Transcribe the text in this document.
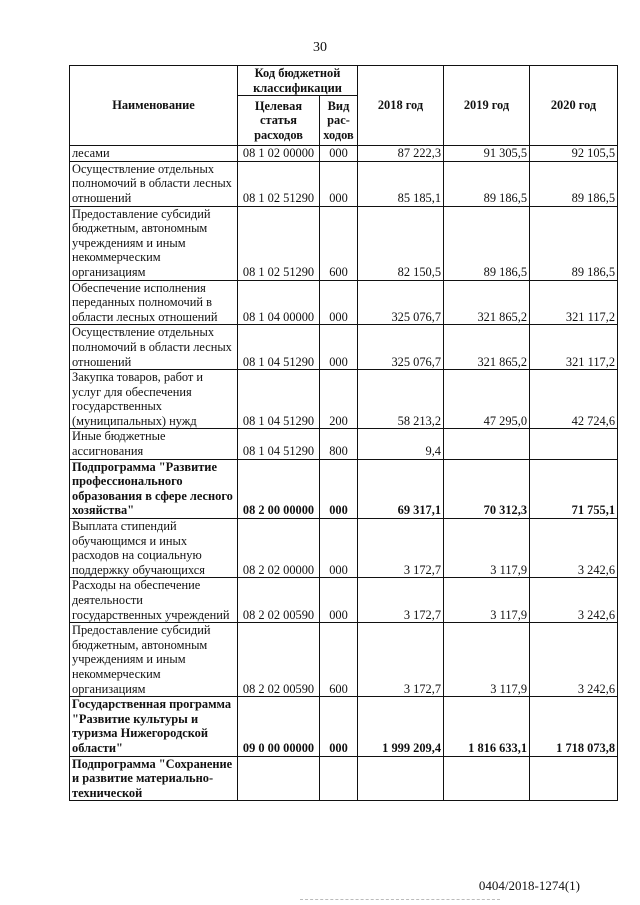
30
Наименование	Код бюджетной классификации		2018 год	2019 год	2020 год
	Целевая статья расходов	Вид рас-ходов			
лесами	08 1 02 00000	000	87 222,3	91 305,5	92 105,5
Осуществление отдельных полномочий в области лесных отношений	08 1 02 51290	000	85 185,1	89 186,5	89 186,5
Предоставление субсидий бюджетным, автономным учреждениям и иным некоммерческим организациям	08 1 02 51290	600	82 150,5	89 186,5	89 186,5
Обеспечение исполнения переданных полномочий в области лесных отношений	08 1 04 00000	000	325 076,7	321 865,2	321 117,2
Осуществление отдельных полномочий в области лесных отношений	08 1 04 51290	000	325 076,7	321 865,2	321 117,2
Закупка товаров, работ и услуг для обеспечения государственных (муниципальных) нужд	08 1 04 51290	200	58 213,2	47 295,0	42 724,6
Иные бюджетные ассигнования	08 1 04 51290	800	9,4		
Подпрограмма "Развитие профессионального образования в сфере лесного хозяйства"	08 2 00 00000	000	69 317,1	70 312,3	71 755,1
Выплата стипендий обучающимся и иных расходов на социальную поддержку обучающихся	08 2 02 00000	000	3 172,7	3 117,9	3 242,6
Расходы на обеспечение деятельности государственных учреждений	08 2 02 00590	000	3 172,7	3 117,9	3 242,6
Предоставление субсидий бюджетным, автономным учреждениям и иным некоммерческим организациям	08 2 02 00590	600	3 172,7	3 117,9	3 242,6
Государственная программа "Развитие культуры и туризма Нижегородской области"	09 0 00 00000	000	1 999 209,4	1 816 633,1	1 718 073,8
Подпрограмма "Сохранение и развитие материально-технической					
0404/2018-1274(1)
